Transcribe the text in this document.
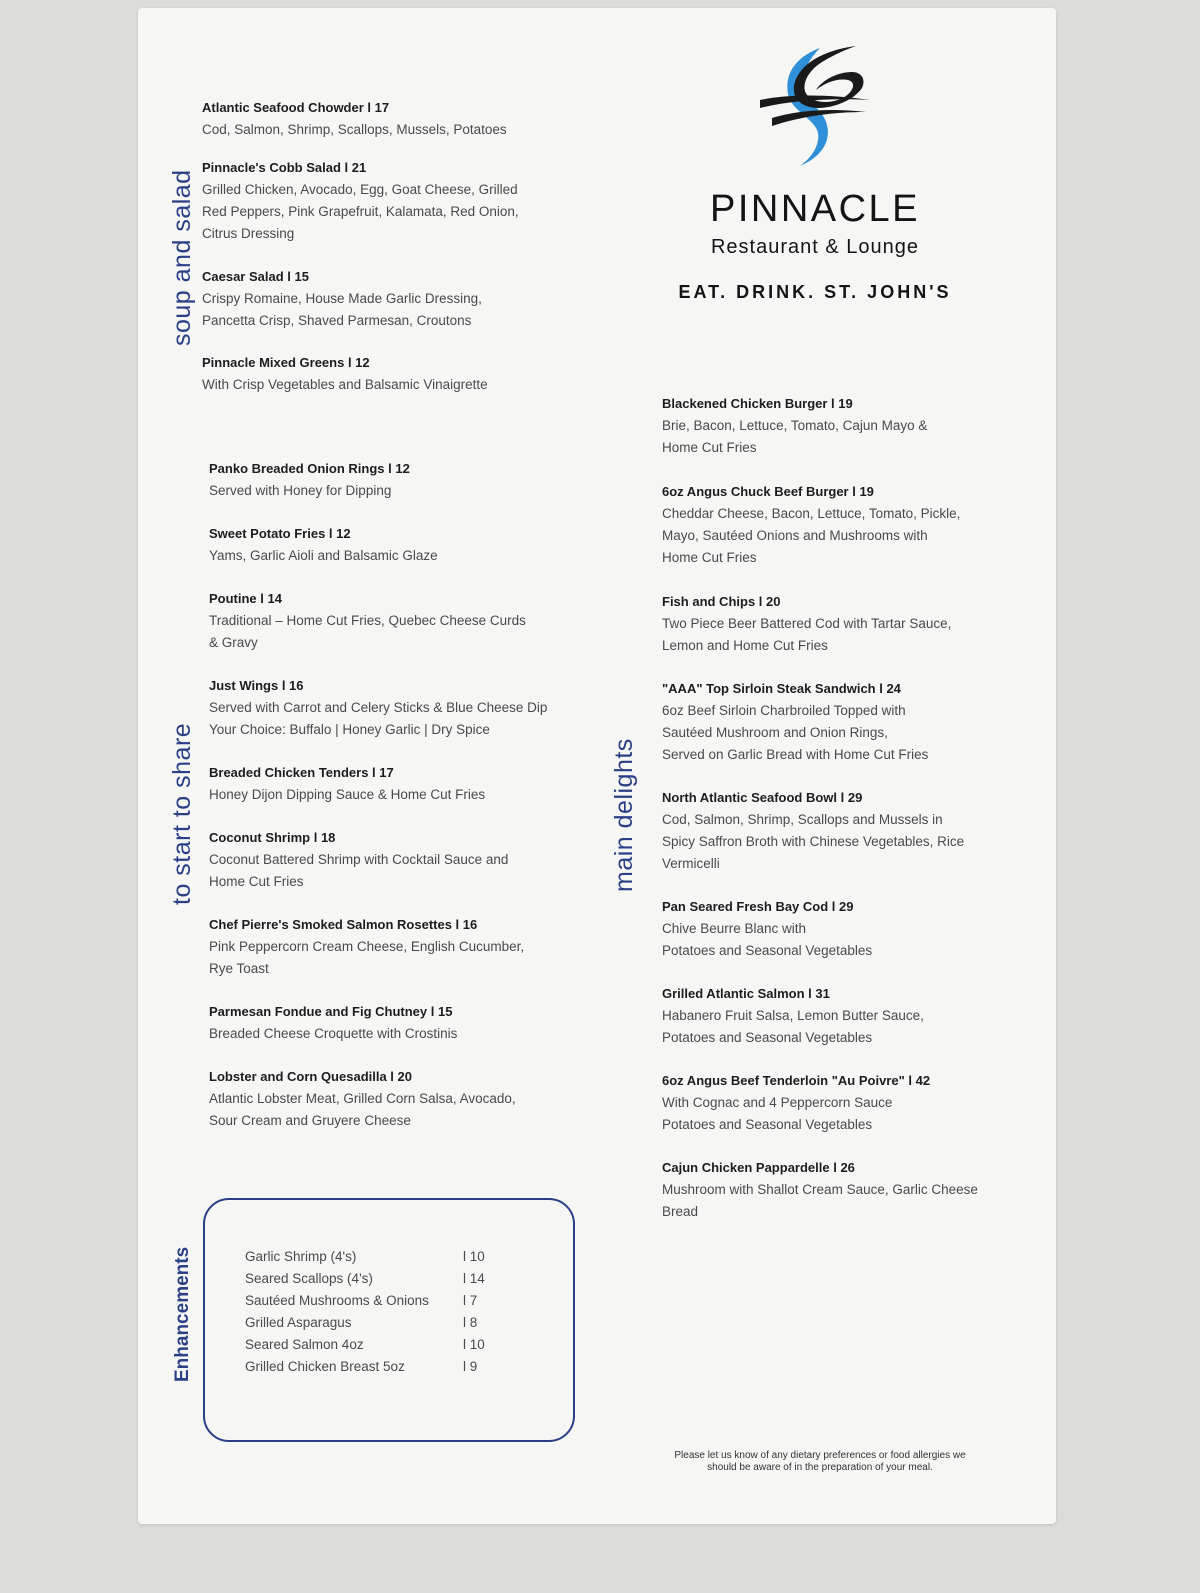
PINNACLE
Restaurant & Lounge
EAT. DRINK. ST. JOHN'S
soup and salad
to start to share	main delights
Enhancements
Atlantic Seafood Chowder l 17
Cod, Salmon, Shrimp, Scallops, Mussels, Potatoes
Pinnacle's Cobb Salad l 21
Grilled Chicken, Avocado, Egg, Goat Cheese, Grilled
Red Peppers, Pink Grapefruit, Kalamata, Red Onion,
Citrus Dressing
Caesar Salad l 15
Crispy Romaine, House Made Garlic Dressing,
Pancetta Crisp, Shaved Parmesan, Croutons
Pinnacle Mixed Greens l 12
With Crisp Vegetables and Balsamic Vinaigrette
Panko Breaded Onion Rings l 12
Served with Honey for Dipping
Sweet Potato Fries l 12
Yams, Garlic Aioli and Balsamic Glaze
Poutine l 14
Traditional – Home Cut Fries, Quebec Cheese Curds
& Gravy
Just Wings l 16
Served with Carrot and Celery Sticks & Blue Cheese Dip
Your Choice: Buffalo | Honey Garlic | Dry Spice
Breaded Chicken Tenders l 17
Honey Dijon Dipping Sauce & Home Cut Fries
Coconut Shrimp l 18
Coconut Battered Shrimp with Cocktail Sauce and
Home Cut Fries
Chef Pierre's Smoked Salmon Rosettes l 16
Pink Peppercorn Cream Cheese, English Cucumber,
Rye Toast
Parmesan Fondue and Fig Chutney l 15
Breaded Cheese Croquette with Crostinis
Lobster and Corn Quesadilla l 20
Atlantic Lobster Meat, Grilled Corn Salsa, Avocado,
Sour Cream and Gruyere Cheese
Blackened Chicken Burger l 19
Brie, Bacon, Lettuce, Tomato, Cajun Mayo &
Home Cut Fries
6oz Angus Chuck Beef Burger l 19
Cheddar Cheese, Bacon, Lettuce, Tomato, Pickle,
Mayo, Sautéed Onions and Mushrooms with
Home Cut Fries
Fish and Chips l 20
Two Piece Beer Battered Cod with Tartar Sauce,
Lemon and Home Cut Fries
"AAA" Top Sirloin Steak Sandwich l 24
6oz Beef Sirloin Charbroiled Topped with
Sautéed Mushroom and Onion Rings,
Served on Garlic Bread with Home Cut Fries
North Atlantic Seafood Bowl l 29
Cod, Salmon, Shrimp, Scallops and Mussels in
Spicy Saffron Broth with Chinese Vegetables, Rice
Vermicelli
Pan Seared Fresh Bay Cod l 29
Chive Beurre Blanc with
Potatoes and Seasonal Vegetables
Grilled Atlantic Salmon l 31
Habanero Fruit Salsa, Lemon Butter Sauce,
Potatoes and Seasonal Vegetables
6oz Angus Beef Tenderloin "Au Poivre" l 42
With Cognac and 4 Peppercorn Sauce
Potatoes and Seasonal Vegetables
Cajun Chicken Pappardelle l 26
Mushroom with Shallot Cream Sauce, Garlic Cheese
Bread
Garlic Shrimp (4's)	l 10
Seared Scallops (4's)	l 14
Sautéed Mushrooms & Onions	l 7
Grilled Asparagus	l 8
Seared Salmon 4oz	l 10
Grilled Chicken Breast 5oz	l 9
Please let us know of any dietary preferences or food allergies we
should be aware of in the preparation of your meal.
